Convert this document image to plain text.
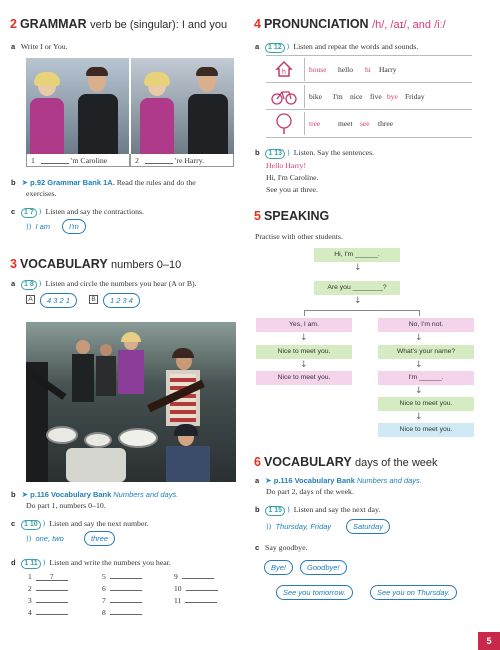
2 GRAMMAR verb be (singular): I and you
a Write I or You.
1	'm Caroline	2	're Harry.
b ➤ p.92 Grammar Bank 1A. Read the rules and do the
exercises.
c 1 7 ) Listen and say the contractions.
)) I am	I'm
3 VOCABULARY numbers 0–10
a 1 8 ) Listen and circle the numbers you hear (A or B).
A	4 3 2 1	B	1 2 3 4
b ➤ p.116 Vocabulary Bank Numbers and days.
Do part 1, numbers 0–10.
c 1 10 ) Listen and say the next number.
)) one, two	three
d 1 11 ) Listen and write the numbers you hear.
1	7
2
3
4
5
6
7
8
9
10
11
4 PRONUNCIATION /h/, /aɪ/, and /iː/
a 1 12 ) Listen and repeat the words and sounds.
h	house hello hi Harry
bike I'm nice five bye Friday
tree meet see three
b 1 13 ) Listen. Say the sentences.
Hello Harry!
Hi, I'm Caroline.
See you at three.
5 SPEAKING
Practise with other students.
Hi, I'm ______.
↓
Are you ________?
↓
Yes, I am.	No, I'm not.
↓	↓
Nice to meet you.	What's your name?
↓	↓
Nice to meet you.	I'm ______.
↓
Nice to meet you.
↓
Nice to meet you.
6 VOCABULARY days of the week
a ➤ p.116 Vocabulary Bank Numbers and days.
Do part 2, days of the week.
b 1 15 ) Listen and say the next day.
)) Thursday, Friday	Saturday
c Say goodbye.
Bye!	Goodbye!
See you tomorrow.	See you on Thursday.
5
